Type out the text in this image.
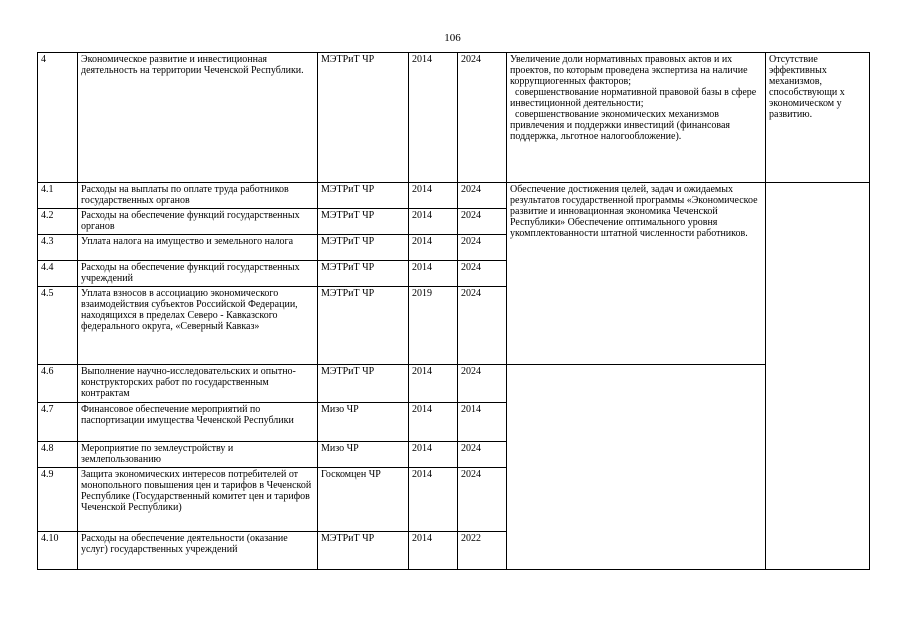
106
4	Экономическое развитие и инвестиционная деятельность на территории Чеченской Республики.	МЭТРиТ ЧР	2014	2024	Увеличение доли нормативных правовых актов и их проектов, по которым проведена экспертиза на наличие коррупциогенных факторов;
совершенствование нормативной правовой базы в сфере инвестиционной деятельности;
совершенствование экономических механизмов привлечения и поддержки инвестиций (финансовая поддержка, льготное налогообложение).	Отсутствие эффективных механизмов, способствующи х экономическом у развитию.
4.1	Расходы на выплаты по оплате труда работников государственных органов	МЭТРиТ ЧР	2014	2024	Обеспечение достижения целей, задач и ожидаемых результатов государственной программы «Экономическое развитие и инновационная экономика Чеченской Республики» Обеспечение оптимального уровня укомплектованности штатной численности работников.	
4.2	Расходы на обеспечение функций государственных органов	МЭТРиТ ЧР	2014	2024		
4.3	Уплата налога на имущество и земельного налога	МЭТРиТ ЧР	2014	2024		
4.4	Расходы на обеспечение функций государственных учреждений	МЭТРиТ ЧР	2014	2024		
4.5	Уплата взносов в ассоциацию экономического взаимодействия субъектов Российской Федерации, находящихся в пределах Северо - Кавказского федерального округа, «Северный Кавказ»	МЭТРиТ ЧР	2019	2024		
4.6	Выполнение научно-исследовательских и опытно-конструкторских работ по государственным контрактам	МЭТРиТ ЧР	2014	2024		
4.7	Финансовое обеспечение мероприятий по паспортизации имущества Чеченской Республики	Мизо ЧР	2014	2014		
4.8	Мероприятие по землеустройству и землепользованию	Мизо ЧР	2014	2024		
4.9	Защита экономических интересов потребителей от монопольного повышения цен и тарифов в Чеченской Республике (Государственный комитет цен и тарифов Чеченской Республики)	Госкомцен ЧР	2014	2024		
4.10	Расходы на обеспечение деятельности (оказание услуг) государственных учреждений	МЭТРиТ ЧР	2014	2022		
